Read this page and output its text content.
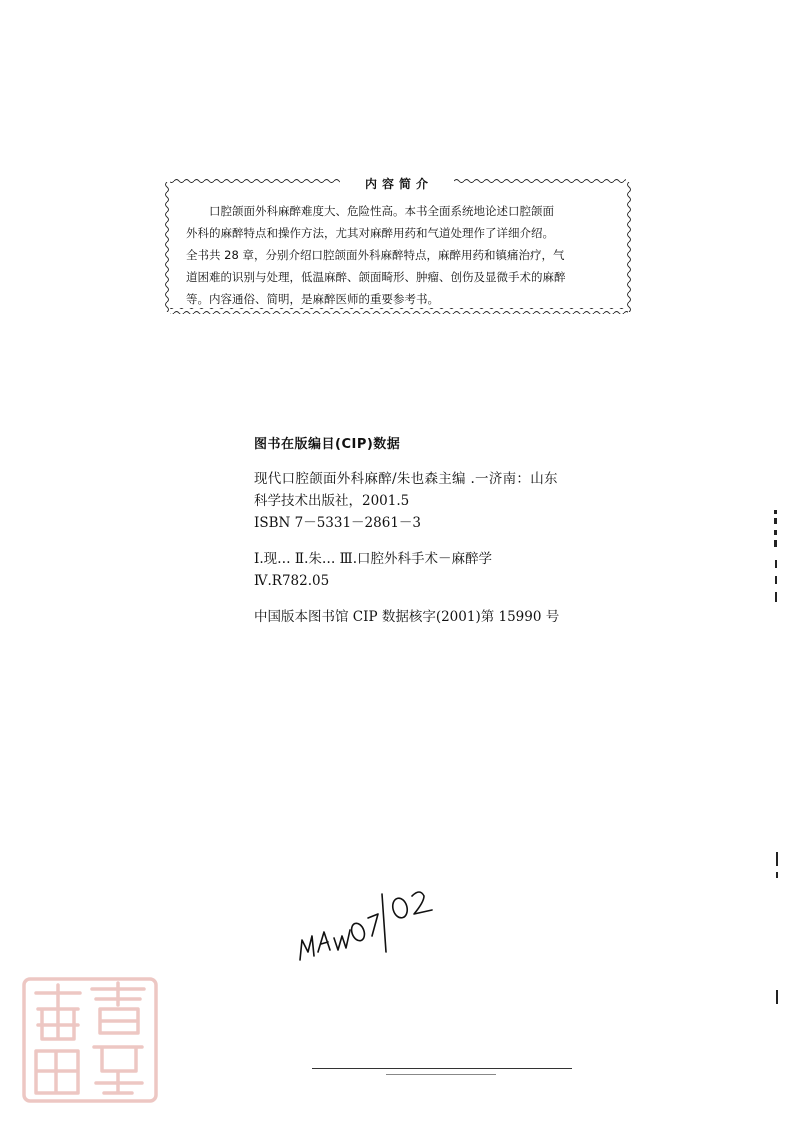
内容简介
口腔颌面外科麻醉难度大、危险性高。本书全面系统地论述口腔颌面
外科的麻醉特点和操作方法，尤其对麻醉用药和气道处理作了详细介绍。
全书共 28 章，分别介绍口腔颌面外科麻醉特点，麻醉用药和镇痛治疗，气
道困难的识别与处理，低温麻醉、颌面畸形、肿瘤、创伤及显微手术的麻醉
等。内容通俗、简明，是麻醉医师的重要参考书。
图书在版编目(CIP)数据
现代口腔颌面外科麻醉/朱也森主编 .一济南：山东
科学技术出版社，2001.5
ISBN 7－5331－2861－3
Ⅰ.现… Ⅱ.朱… Ⅲ.口腔外科手术－麻醉学
Ⅳ.R782.05
中国版本图书馆 CIP 数据核字(2001)第 15990 号
